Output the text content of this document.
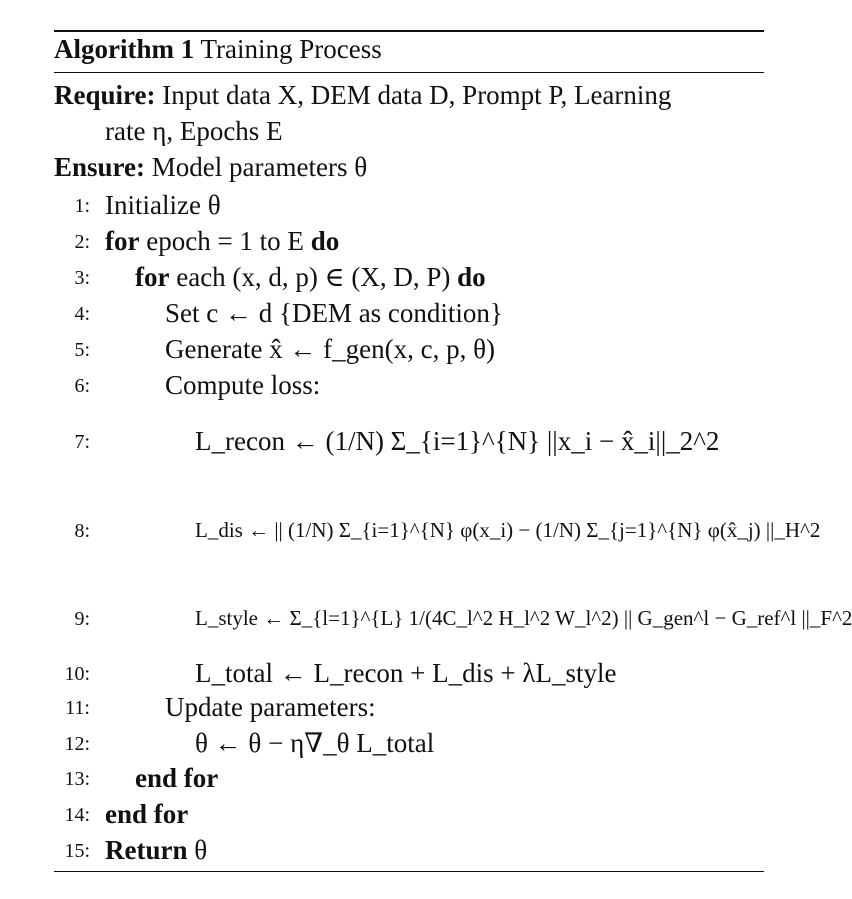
Algorithm 1 Training Process
Require: Input data X, DEM data D, Prompt P, Learning
rate η, Epochs E
Ensure: Model parameters θ
1: Initialize θ
2: for epoch = 1 to E do
3: for each (x, d, p) ∈ (X, D, P) do
4:	Set c ← d {DEM as condition}
5:	Generate x̂ ← f_gen(x, c, p, θ)
6:	Compute loss:
7:	L_recon ← (1/N) Σ_{i=1}^{N} ||x_i − x̂_i||_2^2
8:	L_dis ← || (1/N) Σ_{i=1}^{N} φ(x_i) − (1/N) Σ_{j=1}^{N} φ(x̂_j) ||_H^2
9:	L_style ← Σ_{l=1}^{L} 1/(4C_l^2 H_l^2 W_l^2) || G_gen^l − G_ref^l ||_F^2
10:	L_total ← L_recon + L_dis + λL_style
11:	Update parameters:
12:	θ ← θ − η∇_θ L_total
13: end for
14: end for
15: Return θ
